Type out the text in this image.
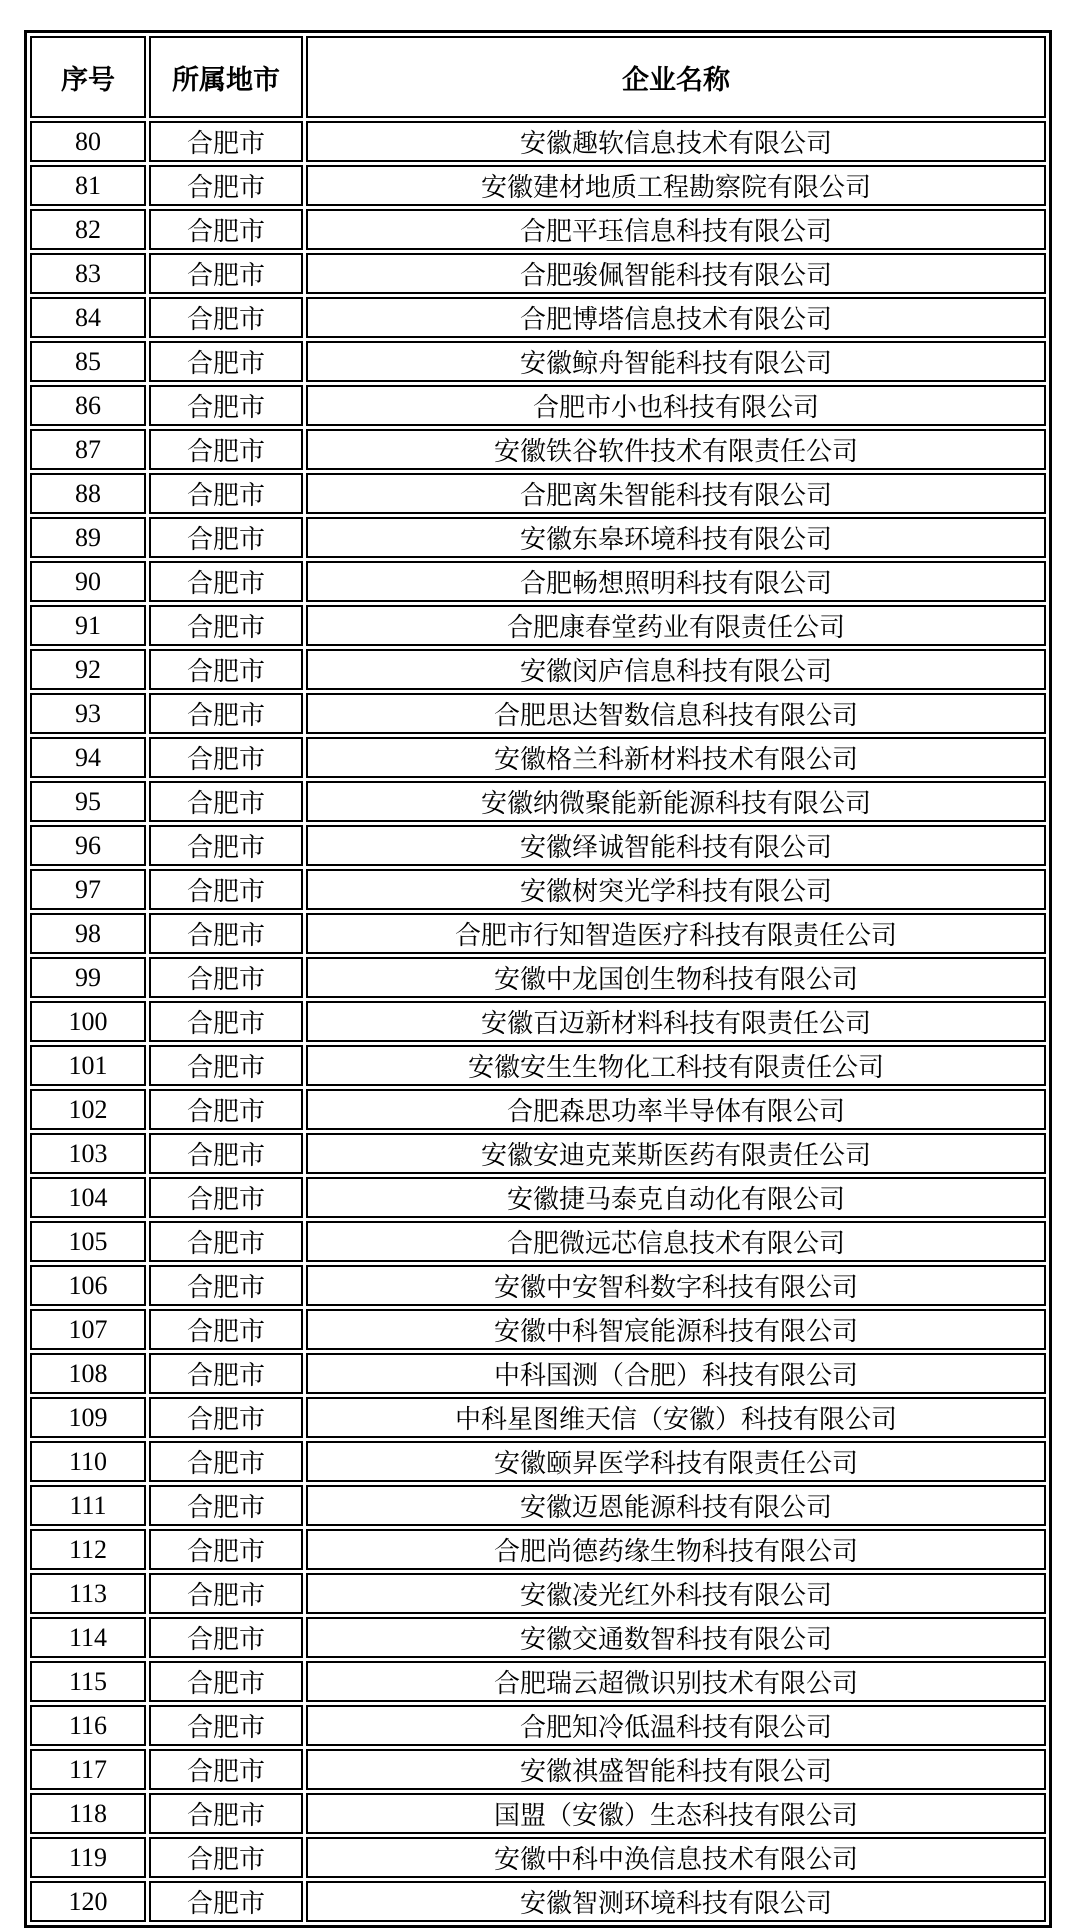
序号	所属地市	企业名称
80	合肥市	安徽趣软信息技术有限公司
81	合肥市	安徽建材地质工程勘察院有限公司
82	合肥市	合肥平珏信息科技有限公司
83	合肥市	合肥骏佩智能科技有限公司
84	合肥市	合肥博塔信息技术有限公司
85	合肥市	安徽鲸舟智能科技有限公司
86	合肥市	合肥市小也科技有限公司
87	合肥市	安徽铁谷软件技术有限责任公司
88	合肥市	合肥离朱智能科技有限公司
89	合肥市	安徽东皋环境科技有限公司
90	合肥市	合肥畅想照明科技有限公司
91	合肥市	合肥康春堂药业有限责任公司
92	合肥市	安徽闵庐信息科技有限公司
93	合肥市	合肥思达智数信息科技有限公司
94	合肥市	安徽格兰科新材料技术有限公司
95	合肥市	安徽纳微聚能新能源科技有限公司
96	合肥市	安徽绎诚智能科技有限公司
97	合肥市	安徽树突光学科技有限公司
98	合肥市	合肥市行知智造医疗科技有限责任公司
99	合肥市	安徽中龙国创生物科技有限公司
100	合肥市	安徽百迈新材料科技有限责任公司
101	合肥市	安徽安生生物化工科技有限责任公司
102	合肥市	合肥森思功率半导体有限公司
103	合肥市	安徽安迪克莱斯医药有限责任公司
104	合肥市	安徽捷马泰克自动化有限公司
105	合肥市	合肥微远芯信息技术有限公司
106	合肥市	安徽中安智科数字科技有限公司
107	合肥市	安徽中科智宸能源科技有限公司
108	合肥市	中科国测（合肥）科技有限公司
109	合肥市	中科星图维天信（安徽）科技有限公司
110	合肥市	安徽颐昇医学科技有限责任公司
111	合肥市	安徽迈恩能源科技有限公司
112	合肥市	合肥尚德药缘生物科技有限公司
113	合肥市	安徽凌光红外科技有限公司
114	合肥市	安徽交通数智科技有限公司
115	合肥市	合肥瑞云超微识别技术有限公司
116	合肥市	合肥知冷低温科技有限公司
117	合肥市	安徽祺盛智能科技有限公司
118	合肥市	国盟（安徽）生态科技有限公司
119	合肥市	安徽中科中涣信息技术有限公司
120	合肥市	安徽智测环境科技有限公司
